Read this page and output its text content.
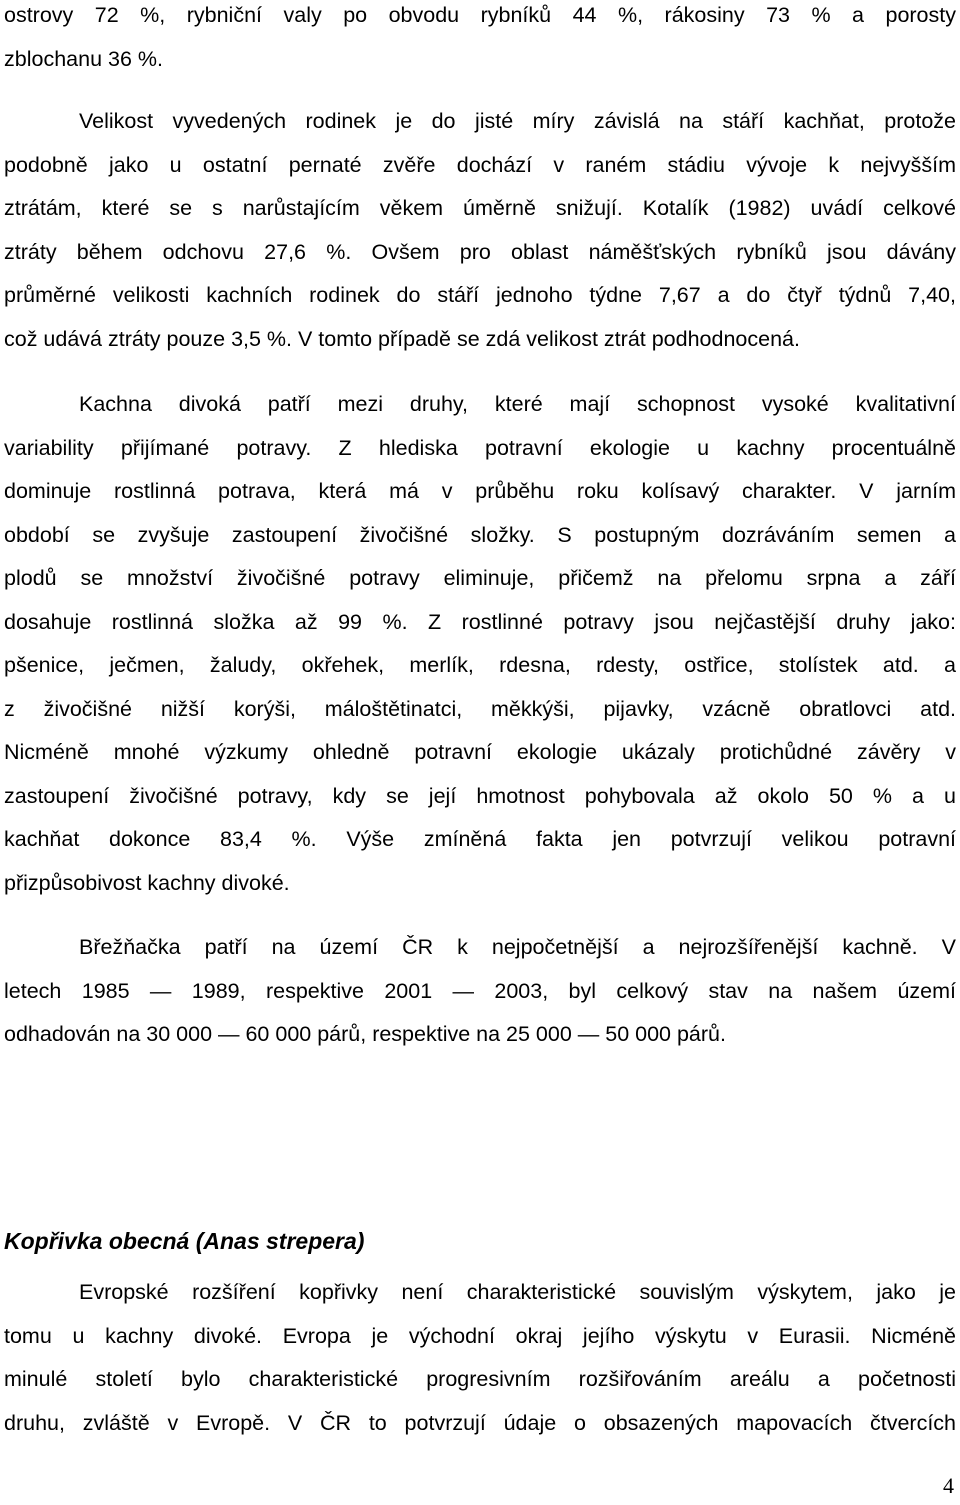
ostrovy 72 %, rybniční valy po obvodu rybníků 44 %, rákosiny 73 % a porosty
zblochanu 36 %.
Velikost vyvedených rodinek je do jisté míry závislá na stáří kachňat, protože
podobně jako u ostatní pernaté zvěře dochází v raném stádiu vývoje k nejvyšším
ztrátám, které se s narůstajícím věkem úměrně snižují. Kotalík (1982) uvádí celkové
ztráty během odchovu 27,6 %. Ovšem pro oblast náměšťských rybníků jsou dávány
průměrné velikosti kachních rodinek do stáří jednoho týdne 7,67 a do čtyř týdnů 7,40,
což udává ztráty pouze 3,5 %. V tomto případě se zdá velikost ztrát podhodnocená.
Kachna divoká patří mezi druhy, které mají schopnost vysoké kvalitativní
variability přijímané potravy. Z hlediska potravní ekologie u kachny procentuálně
dominuje rostlinná potrava, která má v průběhu roku kolísavý charakter. V jarním
období se zvyšuje zastoupení živočišné složky. S postupným dozráváním semen a
plodů se množství živočišné potravy eliminuje, přičemž na přelomu srpna a září
dosahuje rostlinná složka až 99 %. Z rostlinné potravy jsou nejčastější druhy jako:
pšenice, ječmen, žaludy, okřehek, merlík, rdesna, rdesty, ostřice, stolístek atd. a
z živočišné nižší korýši, máloštětinatci, měkkýši, pijavky, vzácně obratlovci atd.
Nicméně mnohé výzkumy ohledně potravní ekologie ukázaly protichůdné závěry v
zastoupení živočišné potravy, kdy se její hmotnost pohybovala až okolo 50 % a u
kachňat dokonce 83,4 %. Výše zmíněná fakta jen potvrzují velikou potravní
přizpůsobivost kachny divoké.
Břežňačka patří na území ČR k nejpočetnější a nejrozšířenější kachně. V
letech 1985 — 1989, respektive 2001 — 2003, byl celkový stav na našem území
odhadován na 30 000 — 60 000 párů, respektive na 25 000 — 50 000 párů.
Kopřivka obecná (Anas strepera)
Evropské rozšíření kopřivky není charakteristické souvislým výskytem, jako je
tomu u kachny divoké. Evropa je východní okraj jejího výskytu v Eurasii. Nicméně
minulé století bylo charakteristické progresivním rozšiřováním areálu a početnosti
druhu, zvláště v Evropě. V ČR to potvrzují údaje o obsazených mapovacích čtvercích
4
